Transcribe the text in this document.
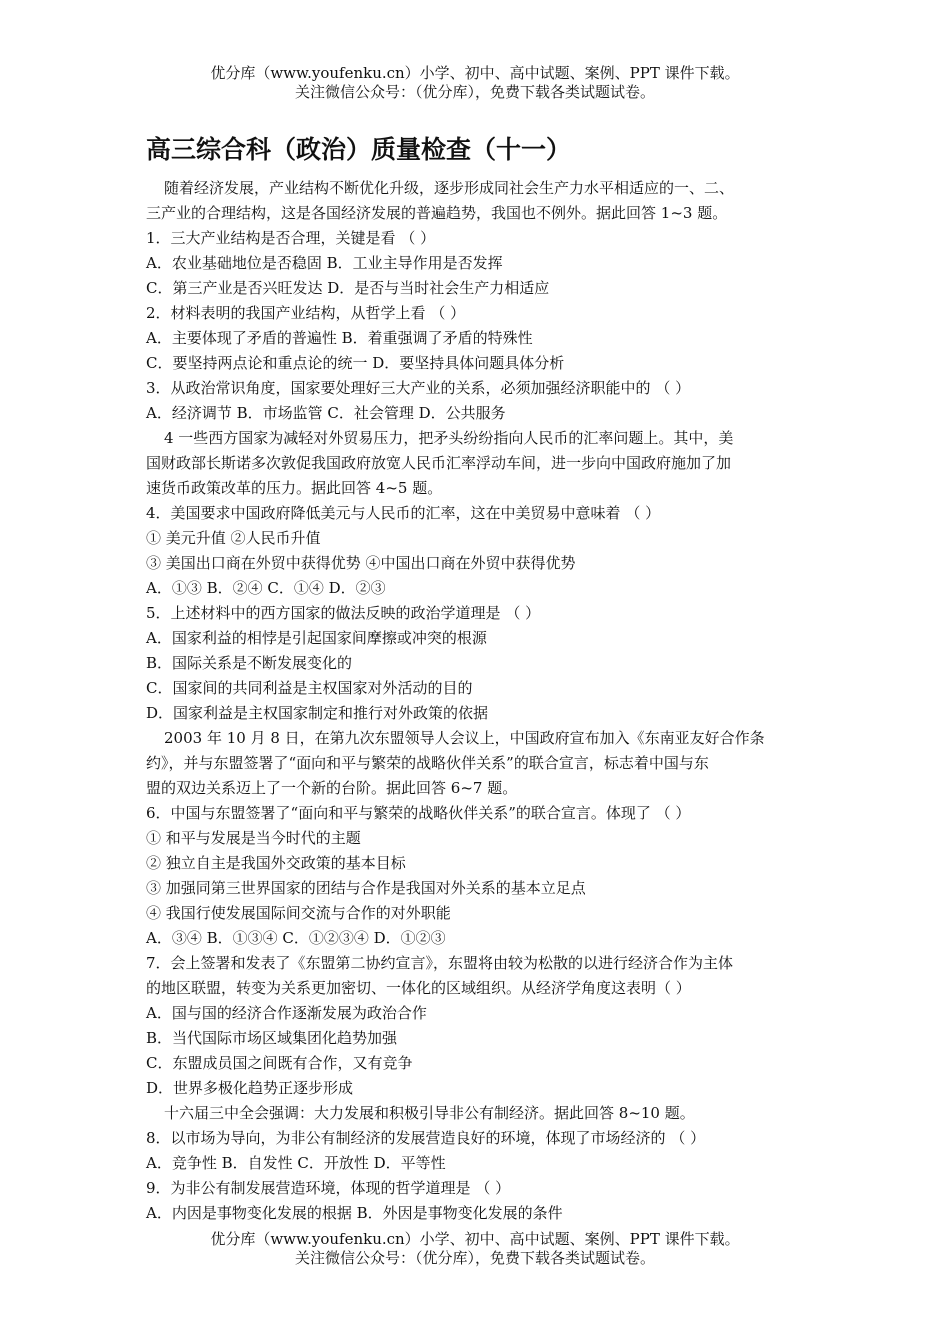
优分库（www.youfenku.cn）小学、初中、高中试题、案例、PPT 课件下载。
关注微信公众号：（优分库），免费下载各类试题试卷。
高三综合科（政治）质量检查（十一）
随着经济发展，产业结构不断优化升级，逐步形成同社会生产力水平相适应的一、二、
三产业的合理结构，这是各国经济发展的普遍趋势，我国也不例外。据此回答 1~3 题。
1．三大产业结构是否合理，关键是看 （ ）
A．农业基础地位是否稳固 B．工业主导作用是否发挥
C．第三产业是否兴旺发达 D．是否与当时社会生产力相适应
2．材料表明的我国产业结构，从哲学上看 （ ）
A．主要体现了矛盾的普遍性 B．着重强调了矛盾的特殊性
C．要坚持两点论和重点论的统一 D．要坚持具体问题具体分析
3．从政治常识角度，国家要处理好三大产业的关系，必须加强经济职能中的 （ ）
A．经济调节 B．市场监管 C．社会管理 D．公共服务
4 一些西方国家为减轻对外贸易压力，把矛头纷纷指向人民币的汇率问题上。其中，美
国财政部长斯诺多次敦促我国政府放宽人民币汇率浮动车间，进一步向中国政府施加了加
速货币政策改革的压力。据此回答 4~5 题。
4．美国要求中国政府降低美元与人民币的汇率，这在中美贸易中意味着 （ ）
① 美元升值 ②人民币升值
③ 美国出口商在外贸中获得优势 ④中国出口商在外贸中获得优势
A．①③ B．②④ C．①④ D．②③
5．上述材料中的西方国家的做法反映的政治学道理是 （ ）
A．国家利益的相悖是引起国家间摩擦或冲突的根源
B．国际关系是不断发展变化的
C．国家间的共同利益是主权国家对外活动的目的
D．国家利益是主权国家制定和推行对外政策的依据
2003 年 10 月 8 日，在第九次东盟领导人会议上，中国政府宣布加入《东南亚友好合作条
约》，并与东盟签署了“面向和平与繁荣的战略伙伴关系”的联合宣言，标志着中国与东
盟的双边关系迈上了一个新的台阶。据此回答 6~7 题。
6．中国与东盟签署了“面向和平与繁荣的战略伙伴关系”的联合宣言。体现了 （ ）
① 和平与发展是当今时代的主题
② 独立自主是我国外交政策的基本目标
③ 加强同第三世界国家的团结与合作是我国对外关系的基本立足点
④ 我国行使发展国际间交流与合作的对外职能
A．③④ B．①③④ C．①②③④ D．①②③
7．会上签署和发表了《东盟第二协约宣言》，东盟将由较为松散的以进行经济合作为主体
的地区联盟，转变为关系更加密切、一体化的区域组织。从经济学角度这表明（ ）
A．国与国的经济合作逐渐发展为政治合作
B．当代国际市场区域集团化趋势加强
C．东盟成员国之间既有合作，又有竞争
D．世界多极化趋势正逐步形成
十六届三中全会强调：大力发展和积极引导非公有制经济。据此回答 8~10 题。
8．以市场为导向，为非公有制经济的发展营造良好的环境，体现了市场经济的 （ ）
A．竞争性 B．自发性 C．开放性 D．平等性
9．为非公有制发展营造环境，体现的哲学道理是 （ ）
A．内因是事物变化发展的根据 B．外因是事物变化发展的条件
优分库（www.youfenku.cn）小学、初中、高中试题、案例、PPT 课件下载。
关注微信公众号：（优分库），免费下载各类试题试卷。
